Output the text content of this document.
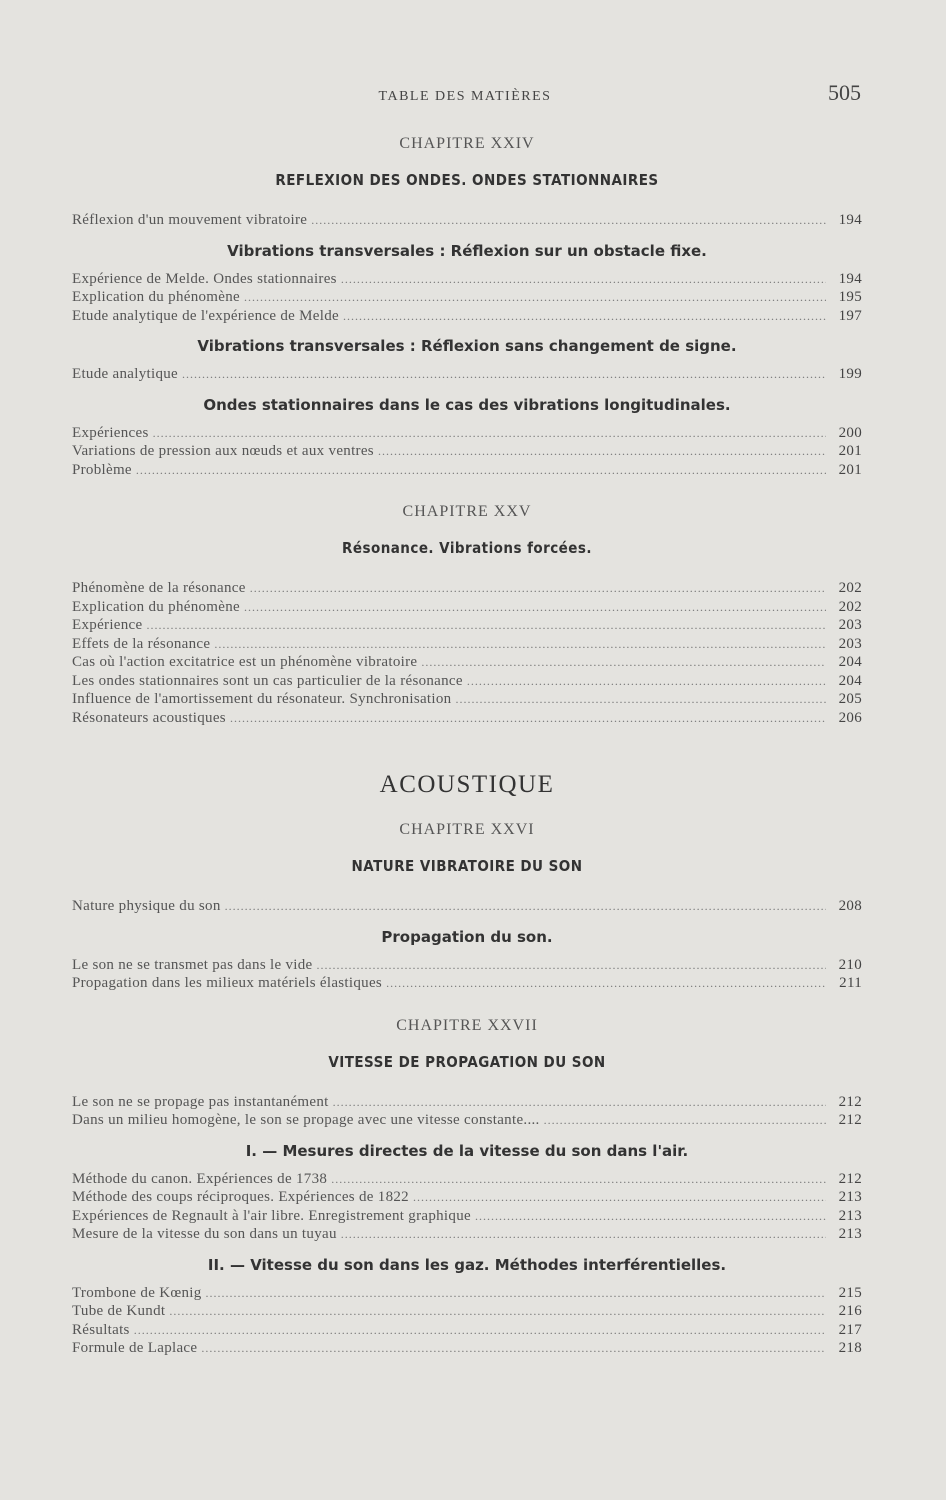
TABLE DES MATIÈRES	505
CHAPITRE XXIV
REFLEXION DES ONDES. ONDES STATIONNAIRES
Réflexion d'un mouvement vibratoire .....	194
Vibrations transversales : Réflexion sur un obstacle fixe.
Expérience de Melde. Ondes stationnaires .....	194
Explication du phénomène .....	195
Etude analytique de l'expérience de Melde .....	197
Vibrations transversales : Réflexion sans changement de signe.
Etude analytique .....	199
Ondes stationnaires dans le cas des vibrations longitudinales.
Expériences .....	200
Variations de pression aux nœuds et aux ventres .....	201
Problème .....	201
CHAPITRE XXV
Résonance. Vibrations forcées.
Phénomène de la résonance .....	202
Explication du phénomène .....	202
Expérience .....	203
Effets de la résonance .....	203
Cas où l'action excitatrice est un phénomène vibratoire .....	204
Les ondes stationnaires sont un cas particulier de la résonance .....	204
Influence de l'amortissement du résonateur. Synchronisation .....	205
Résonateurs acoustiques .....	206
ACOUSTIQUE
CHAPITRE XXVI
NATURE VIBRATOIRE DU SON
Nature physique du son .....	208
Propagation du son.
Le son ne se transmet pas dans le vide .....	210
Propagation dans les milieux matériels élastiques .....	211
CHAPITRE XXVII
VITESSE DE PROPAGATION DU SON
Le son ne se propage pas instantanément .....	212
Dans un milieu homogène, le son se propage avec une vitesse constante.... .....	212
I. — Mesures directes de la vitesse du son dans l'air.
Méthode du canon. Expériences de 1738 .....	212
Méthode des coups réciproques. Expériences de 1822 .....	213
Expériences de Regnault à l'air libre. Enregistrement graphique .....	213
Mesure de la vitesse du son dans un tuyau .....	213
II. — Vitesse du son dans les gaz. Méthodes interférentielles.
Trombone de Kœnig .....	215
Tube de Kundt .....	216
Résultats .....	217
Formule de Laplace .....	218
